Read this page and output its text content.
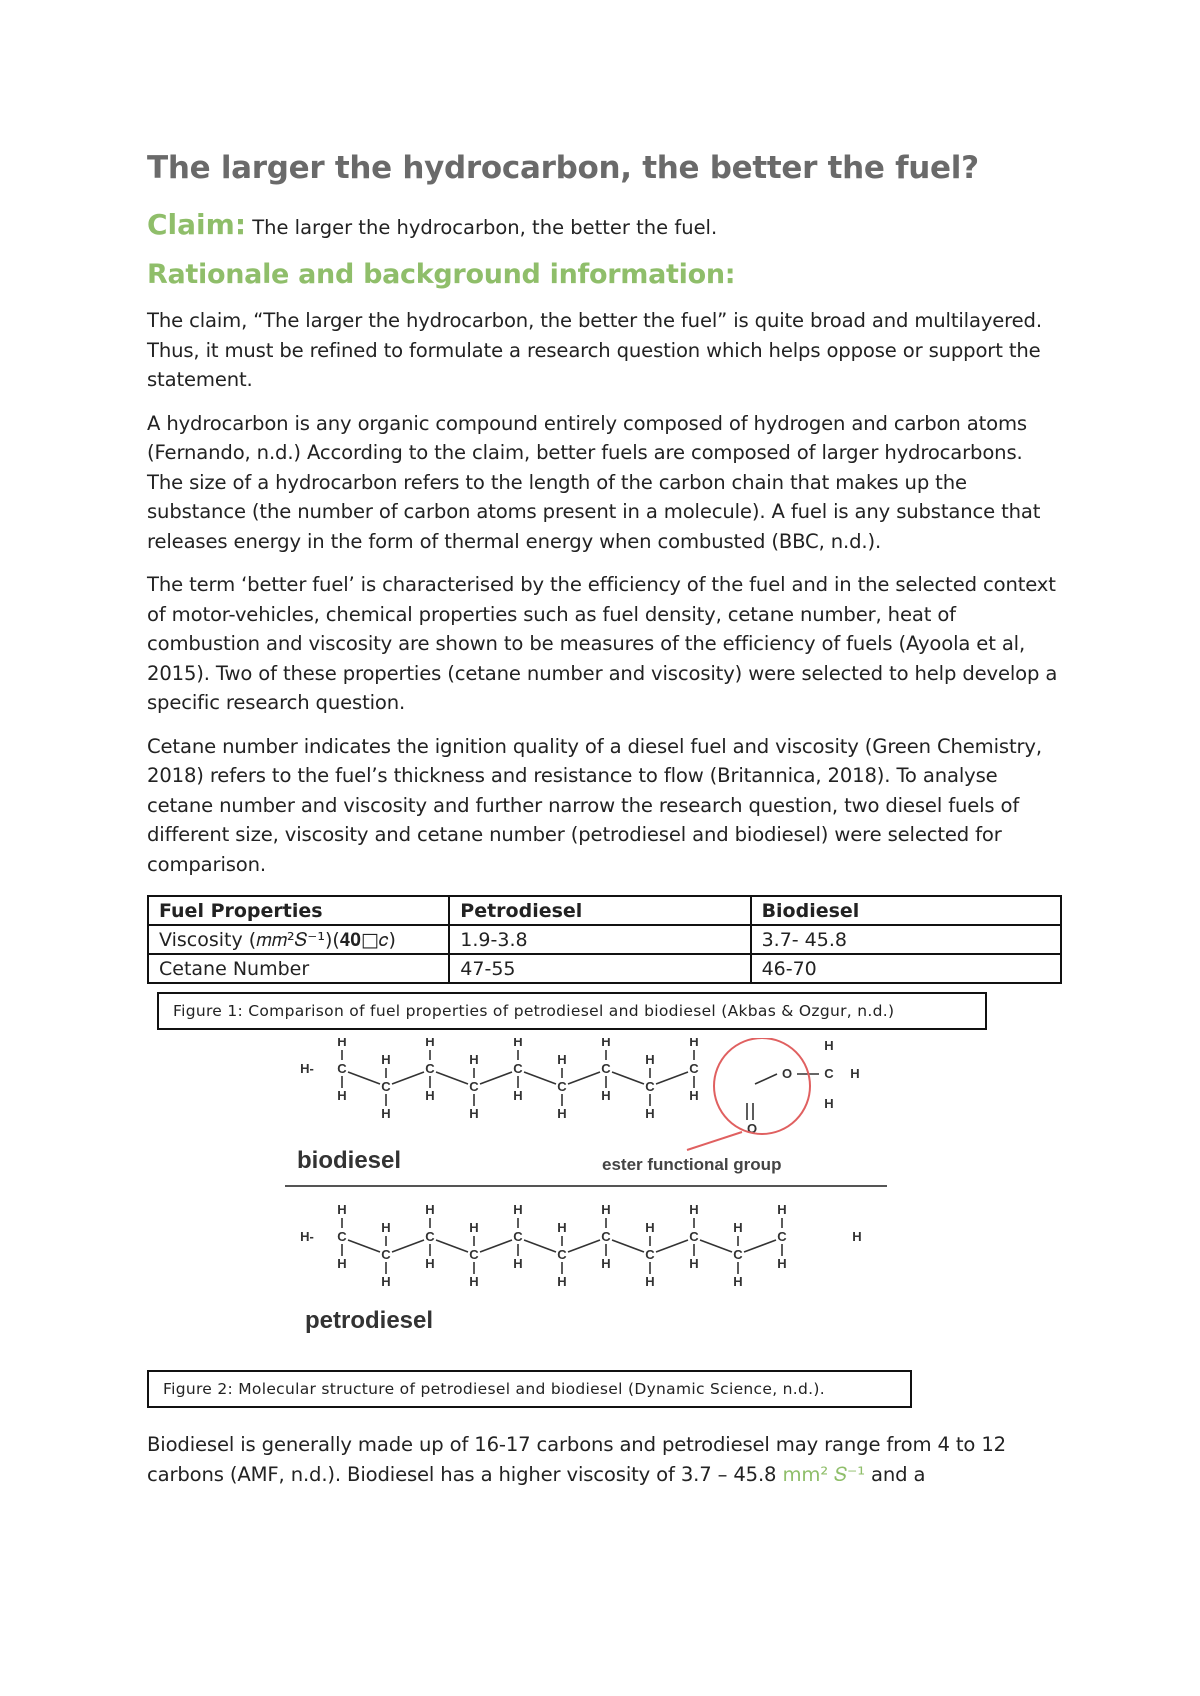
The larger the hydrocarbon, the better the fuel?

Claim: The larger the hydrocarbon, the better the fuel.

Rationale and background information:

The claim, “The larger the hydrocarbon, the better the fuel” is quite broad and multilayered. Thus, it must be refined to formulate a research question which helps oppose or support the statement.

A hydrocarbon is any organic compound entirely composed of hydrogen and carbon atoms (Fernando, n.d.) According to the claim, better fuels are composed of larger hydrocarbons. The size of a hydrocarbon refers to the length of the carbon chain that makes up the substance (the number of carbon atoms present in a molecule). A fuel is any substance that releases energy in the form of thermal energy when combusted (BBC, n.d.).

The term ‘better fuel’ is characterised by the efficiency of the fuel and in the selected context of motor-vehicles, chemical properties such as fuel density, cetane number, heat of combustion and viscosity are shown to be measures of the efficiency of fuels (Ayoola et al, 2015). Two of these properties (cetane number and viscosity) were selected to help develop a specific research question.

Cetane number indicates the ignition quality of a diesel fuel and viscosity (Green Chemistry, 2018) refers to the fuel’s thickness and resistance to flow (Britannica, 2018). To analyse cetane number and viscosity and further narrow the research question, two diesel fuels of different size, viscosity and cetane number (petrodiesel and biodiesel) were selected for comparison.

Fuel Properties	Petrodiesel	Biodiesel
Viscosity (𝑚𝑚²𝑆⁻¹)(𝟒𝟎□𝑐)	1.9-3.8	3.7- 45.8
Cetane Number	47-55	46-70
Figure 1: Comparison of fuel properties of petrodiesel and biodiesel (Akbas & Ozgur, n.d.)
H- C
H
H
C
H
H
C
H
H
C
H
H
C
H
H
C
H
H
C
H
H
C
H
H
C
H
H
O
O C
H
H
H
H- C
H
H
C
H
H
C
H
H
C
H
H
C
H
H
C
H
H
C
H
H
C
H
H
C
H
H
C
H
H
C
H
H
H
biodiesel	ester functional group
petrodiesel
Figure 2: Molecular structure of petrodiesel and biodiesel (Dynamic Science, n.d.).

Biodiesel is generally made up of 16-17 carbons and petrodiesel may range from 4 to 12 carbons (AMF, n.d.). Biodiesel has a higher viscosity of 3.7 – 45.8 mm² 𝑆⁻¹ and a
